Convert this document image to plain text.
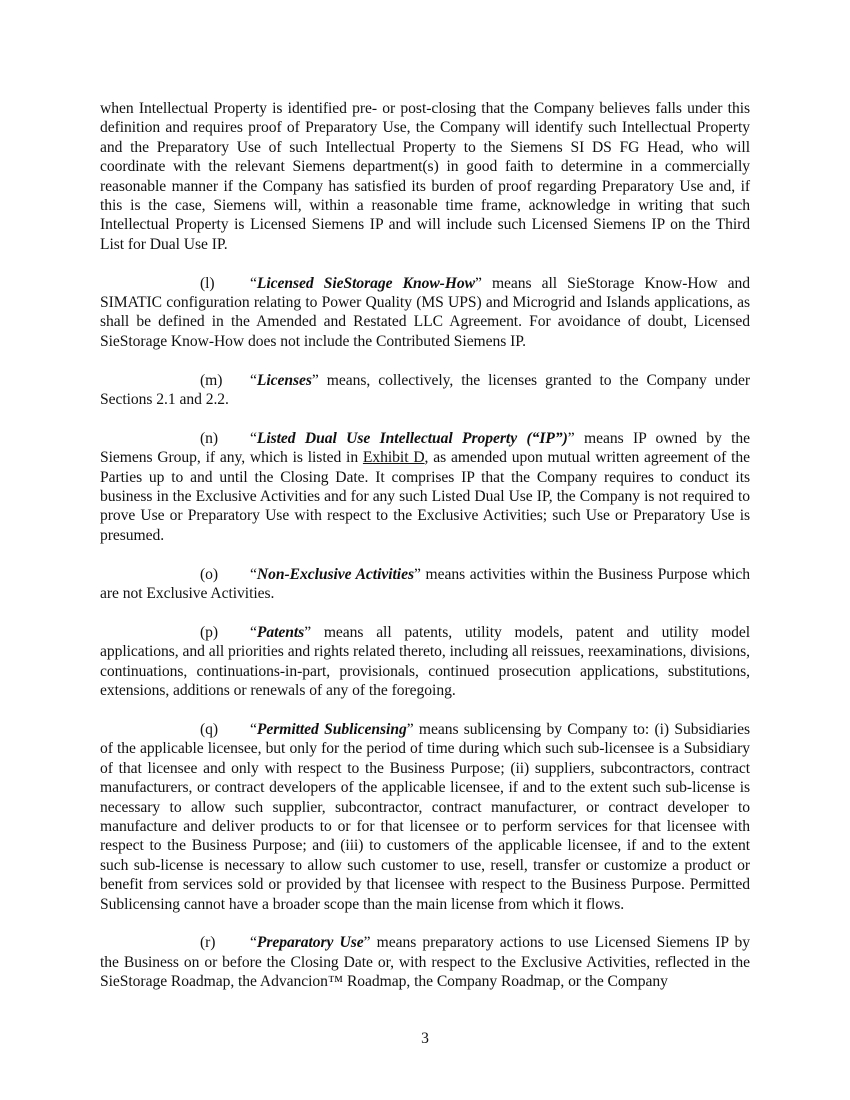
when Intellectual Property is identified pre- or post-closing that the Company believes falls under this definition and requires proof of Preparatory Use, the Company will identify such Intellectual Property and the Preparatory Use of such Intellectual Property to the Siemens SI DS FG Head, who will coordinate with the relevant Siemens department(s) in good faith to determine in a commercially reasonable manner if the Company has satisfied its burden of proof regarding Preparatory Use and, if this is the case, Siemens will, within a reasonable time frame, acknowledge in writing that such Intellectual Property is Licensed Siemens IP and will include such Licensed Siemens IP on the Third List for Dual Use IP.

(l) “Licensed SieStorage Know-How” means all SieStorage Know-How and SIMATIC configuration relating to Power Quality (MS UPS) and Microgrid and Islands applications, as shall be defined in the Amended and Restated LLC Agreement. For avoidance of doubt, Licensed SieStorage Know-How does not include the Contributed Siemens IP.

(m) “Licenses” means, collectively, the licenses granted to the Company under Sections 2.1 and 2.2.

(n) “Listed Dual Use Intellectual Property (“IP”)” means IP owned by the Siemens Group, if any, which is listed in Exhibit D, as amended upon mutual written agreement of the Parties up to and until the Closing Date. It comprises IP that the Company requires to conduct its business in the Exclusive Activities and for any such Listed Dual Use IP, the Company is not required to prove Use or Preparatory Use with respect to the Exclusive Activities; such Use or Preparatory Use is presumed.

(o) “Non-Exclusive Activities” means activities within the Business Purpose which are not Exclusive Activities.

(p) “Patents” means all patents, utility models, patent and utility model applications, and all priorities and rights related thereto, including all reissues, reexaminations, divisions, continuations, continuations-in-part, provisionals, continued prosecution applications, substitutions, extensions, additions or renewals of any of the foregoing.

(q) “Permitted Sublicensing” means sublicensing by Company to: (i) Subsidiaries of the applicable licensee, but only for the period of time during which such sub-licensee is a Subsidiary of that licensee and only with respect to the Business Purpose; (ii) suppliers, subcontractors, contract manufacturers, or contract developers of the applicable licensee, if and to the extent such sub-license is necessary to allow such supplier, subcontractor, contract manufacturer, or contract developer to manufacture and deliver products to or for that licensee or to perform services for that licensee with respect to the Business Purpose; and (iii) to customers of the applicable licensee, if and to the extent such sub-license is necessary to allow such customer to use, resell, transfer or customize a product or benefit from services sold or provided by that licensee with respect to the Business Purpose. Permitted Sublicensing cannot have a broader scope than the main license from which it flows.

(r) “Preparatory Use” means preparatory actions to use Licensed Siemens IP by the Business on or before the Closing Date or, with respect to the Exclusive Activities, reflected in the SieStorage Roadmap, the Advancion™ Roadmap, the Company Roadmap, or the Company

3
